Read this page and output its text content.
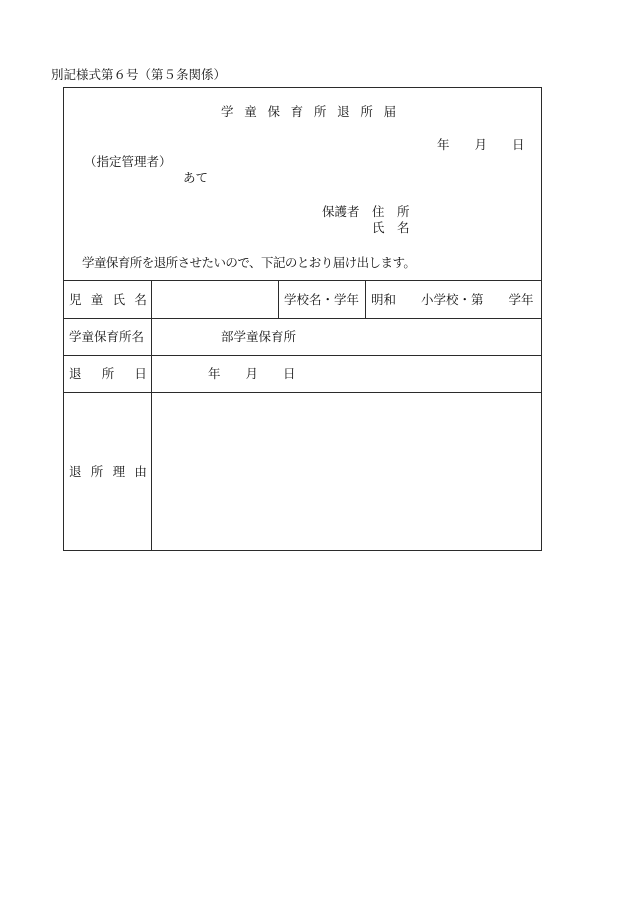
別記様式第６号（第５条関係）
学 童 保 育 所 退 所 届
年　　月　　日
（指定管理者）
あて
保護者 住　所
氏　名
学童保育所を退所させたいので、下記のとおり届け出します。
児　童　氏　名	学校名・学年 明和　　小学校・第　　学年
学童保育所名	部学童保育所
退　　所　　日	年　　月　　日
退　所　理　由
